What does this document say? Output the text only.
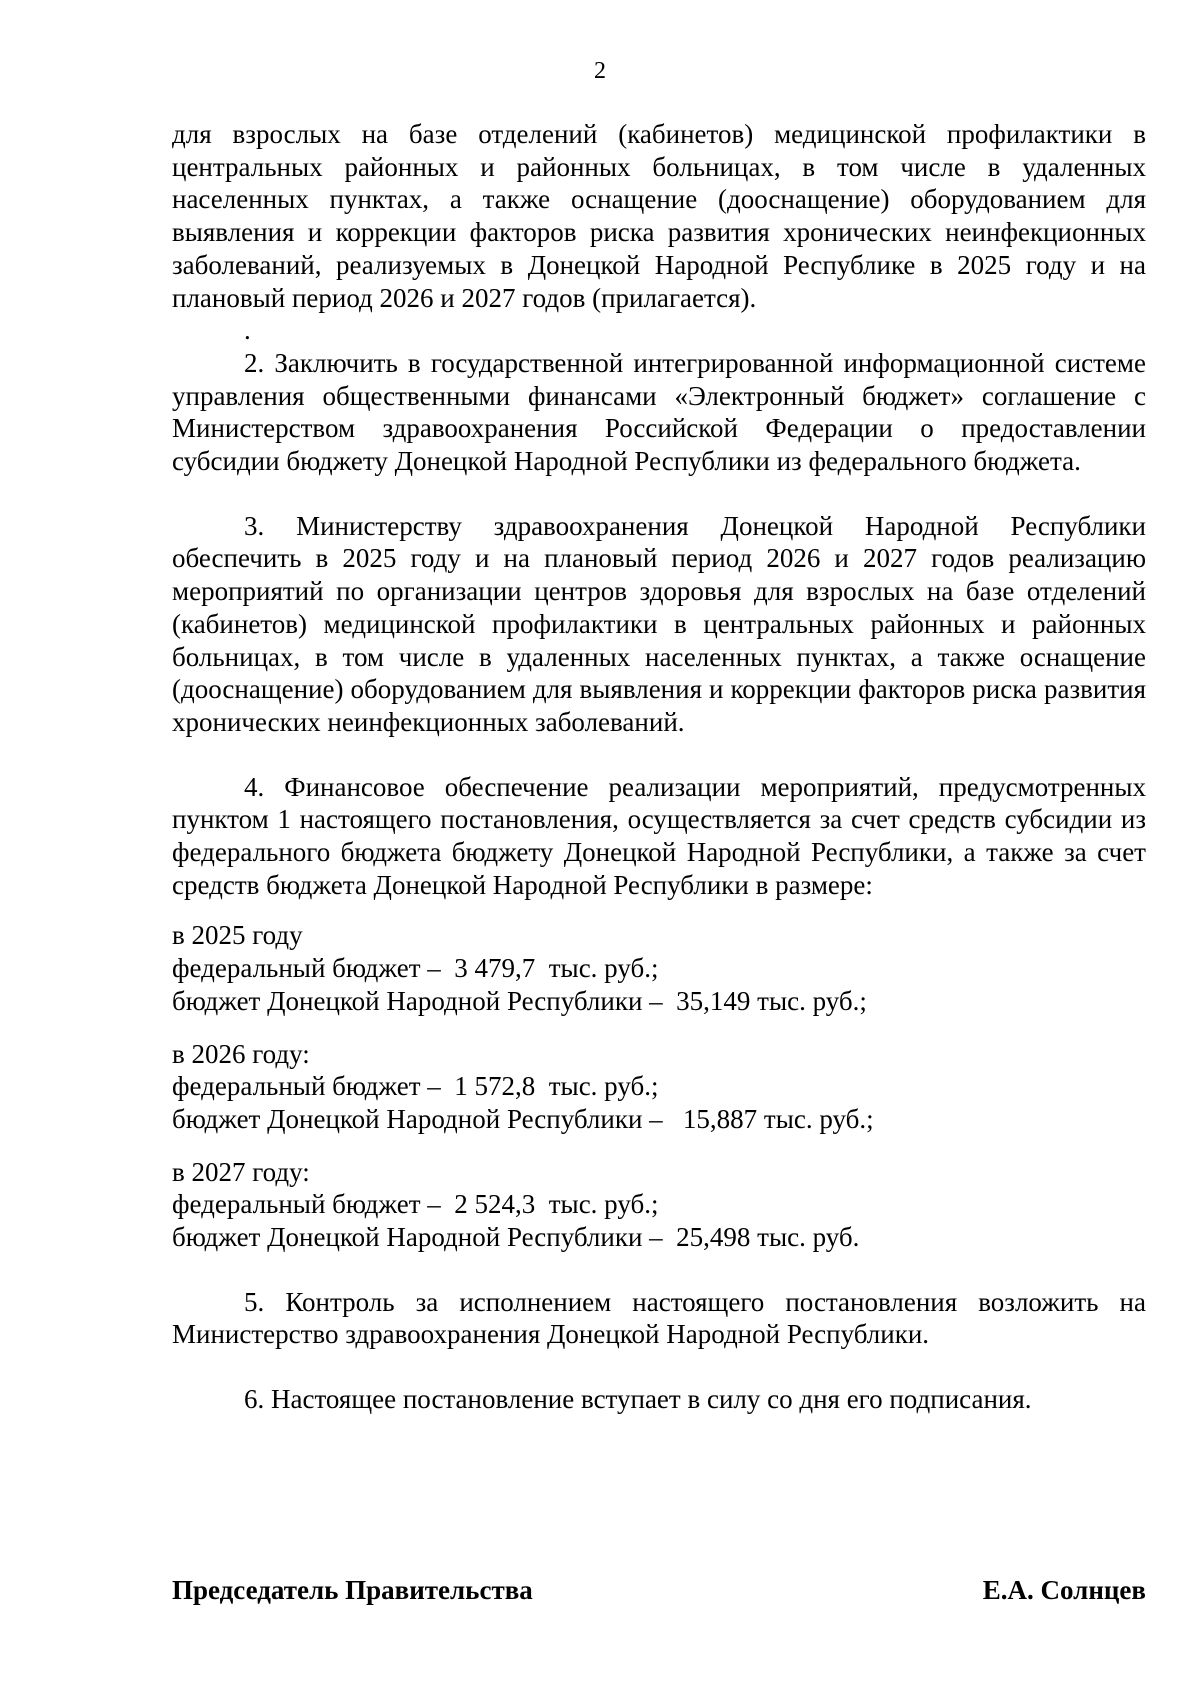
2

для взрослых на базе отделений (кабинетов) медицинской профилактики в центральных районных и районных больницах, в том числе в удаленных населенных пунктах, а также оснащение (дооснащение) оборудованием для выявления и коррекции факторов риска развития хронических неинфекционных заболеваний, реализуемых в Донецкой Народной Республике в 2025 году и на плановый период 2026 и 2027 годов (прилагается).

.

2. Заключить в государственной интегрированной информационной системе управления общественными финансами «Электронный бюджет» соглашение с Министерством здравоохранения Российской Федерации о предоставлении субсидии бюджету Донецкой Народной Республики из федерального бюджета.

3. Министерству здравоохранения Донецкой Народной Республики обеспечить в 2025 году и на плановый период 2026 и 2027 годов реализацию мероприятий по организации центров здоровья для взрослых на базе отделений (кабинетов) медицинской профилактики в центральных районных и районных больницах, в том числе в удаленных населенных пунктах, а также оснащение (дооснащение) оборудованием для выявления и коррекции факторов риска развития хронических неинфекционных заболеваний.

4. Финансовое обеспечение реализации мероприятий, предусмотренных пунктом 1 настоящего постановления, осуществляется за счет средств субсидии из федерального бюджета бюджету Донецкой Народной Республики, а также за счет средств бюджета Донецкой Народной Республики в размере:

в 2025 году

федеральный бюджет –  3 479,7  тыс. руб.;

бюджет Донецкой Народной Республики –  35,149 тыс. руб.;

в 2026 году:

федеральный бюджет –  1 572,8  тыс. руб.;

бюджет Донецкой Народной Республики –   15,887 тыс. руб.;

в 2027 году:

федеральный бюджет –  2 524,3  тыс. руб.;

бюджет Донецкой Народной Республики –  25,498 тыс. руб.

5. Контроль за исполнением настоящего постановления возложить на Министерство здравоохранения Донецкой Народной Республики.

6. Настоящее постановление вступает в силу со дня его подписания.

Председатель Правительства	Е.А. Солнцев
